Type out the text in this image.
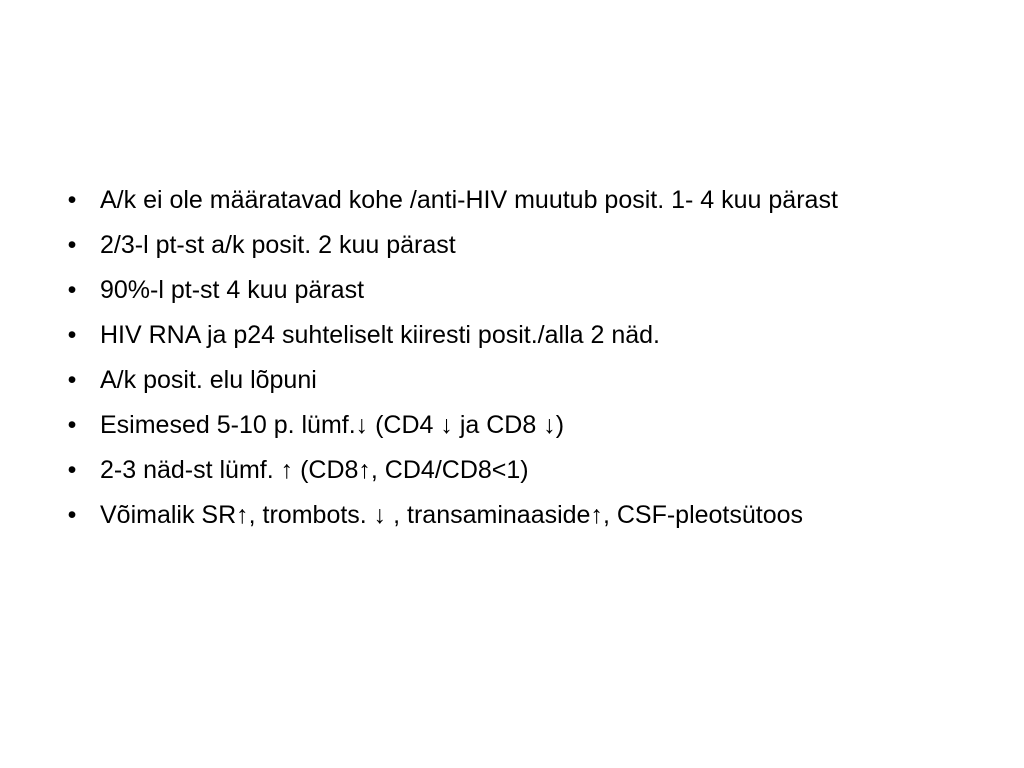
• A/k ei ole määratavad kohe /anti-HIV muutub posit. 1- 4 kuu pärast
• 2/3-l pt-st a/k posit. 2 kuu pärast
• 90%-l pt-st 4 kuu pärast
• HIV RNA ja p24 suhteliselt kiiresti posit./alla 2 näd.
• A/k posit. elu lõpuni
• Esimesed 5-10 p. lümf.↓ (CD4 ↓ ja CD8 ↓)
• 2-3 näd-st lümf. ↑ (CD8↑, CD4/CD8<1)
• Võimalik SR↑, trombots. ↓ , transaminaaside↑, CSF-pleotsütoos
